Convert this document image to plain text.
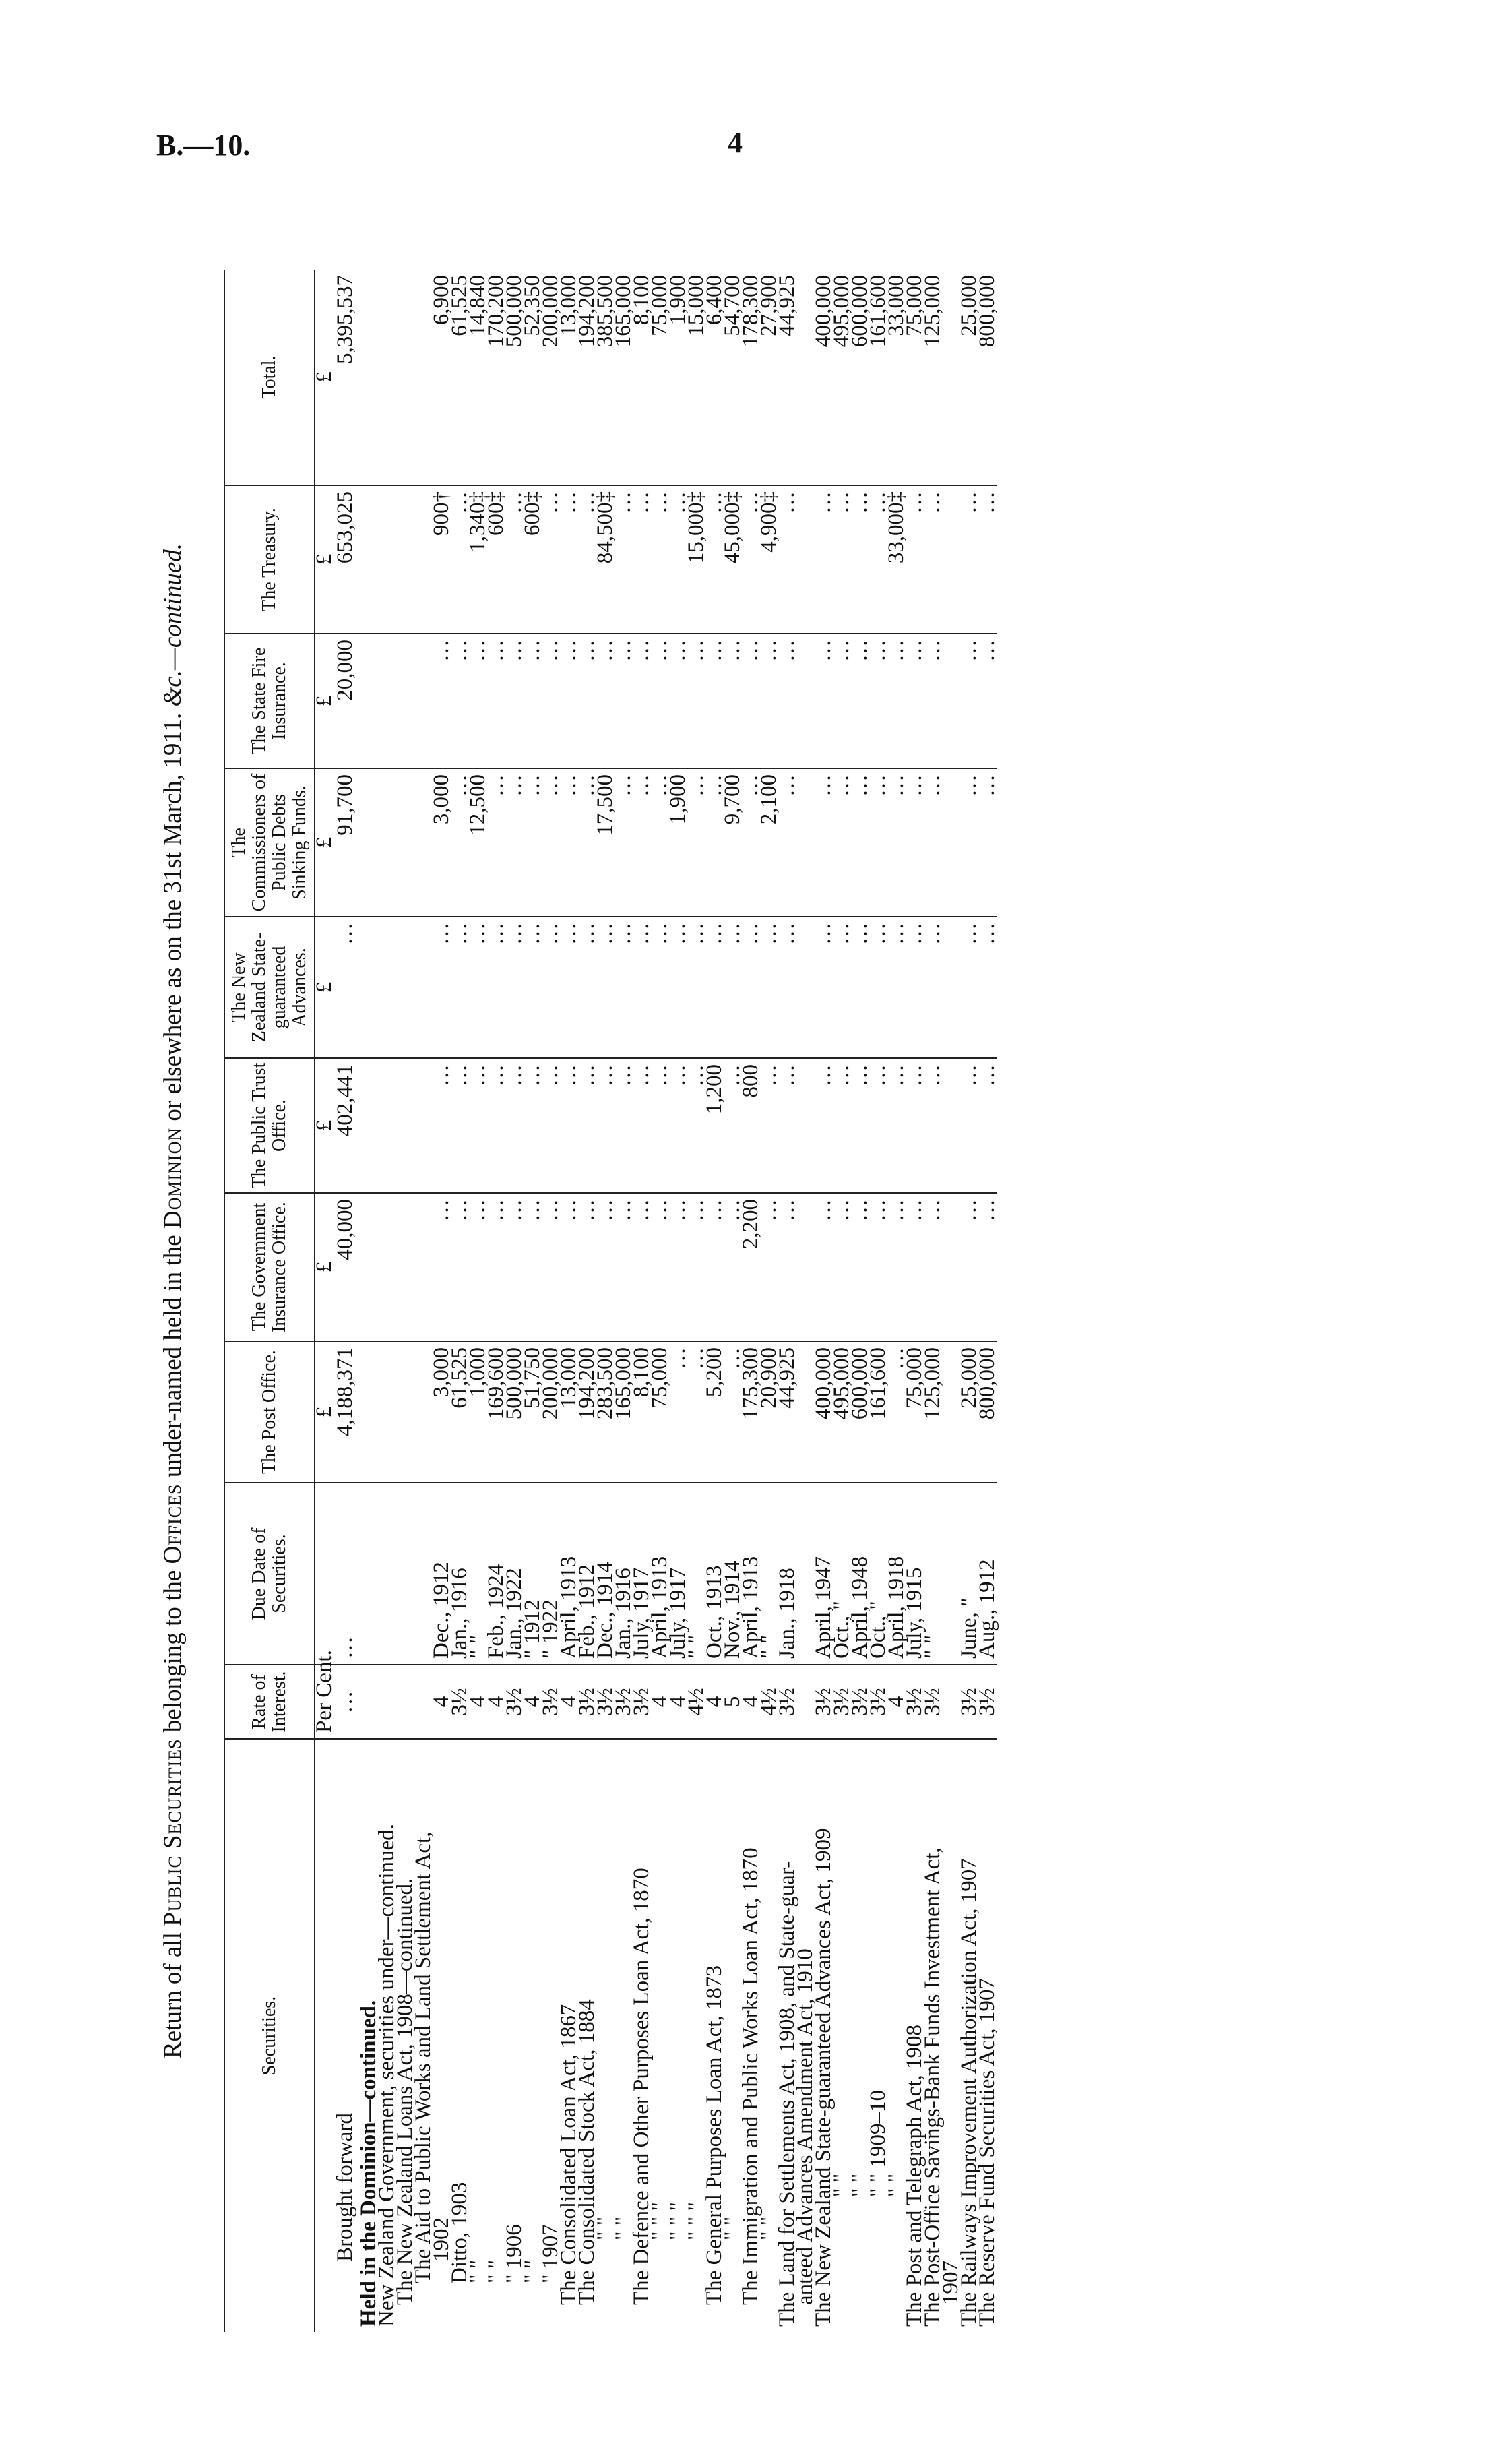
B.—10.	4
Return of all Public Securities belonging to the Offices under-named held in the Dominion or elsewhere as on the 31st March, 1911. &c.—continued.
Securities.	Rate of Interest.	Due Date of Securities.	The Post Office.	The Government Insurance Office.	The Public Trust Office.	The New Zealand State-guaranteed Advances.	The Commissioners of Public Debts Sinking Funds.	The State Fire Insurance.	The Treasury.	Total.
	Per Cent.		£	£	£	£	£	£	£	£
Brought forward	…	…	4,188,371	40,000	402,441	…	91,700	20,000	653,025	5,395,537
Held in the Dominion—continued.										
New Zealand Government, securities under—continued.										
The New Zealand Loans Act, 1908—continued.										
The Aid to Public Works and Land Settlement Act,										
1902	4	Dec., 1912	3,000	…	…	…	3,000	…	900†	6,900
Ditto, 1903	3½	Jan., 1916	61,525	…	…	…	…	…	…	61,525
" "	4	" "	1,000	…	…	…	12,500	…	1,340‡	14,840
" "	4	Feb., 1924	169,600	…	…	…	…	…	600‡	170,200
" 1906	3½	Jan., 1922	500,000	…	…	…	…	…	…	500,000
" "	4	" 1912	51,750	…	…	…	…	…	600‡	52,350
" 1907	3½	" 1922	200,000	…	…	…	…	…	…	200,000
The Consolidated Loan Act, 1867	4	April, 1913	13,000	…	…	…	…	…	…	13,000
The Consolidated Stock Act, 1884	3½	Feb., 1912	194,200	…	…	…	…	…	…	194,200
" "	3½	Dec., 1914	283,500	…	…	…	17,500	…	84,500‡	385,500
" "	3½	Jan., 1916	165,000	…	…	…	…	…	…	165,000
The Defence and Other Purposes Loan Act, 1870	3½	July, 1917	8,100	…	…	…	…	…	…	8,100
" " "	4	April, 1913	75,000	…	…	…	…	…	…	75,000
" " "	4	July, 1917	…	…	…	…	1,900	…	…	1,900
" " "	4½	" "	…	…	…	…	…	…	15,000‡	15,000
The General Purposes Loan Act, 1873	4	Oct., 1913	5,200	…	1,200	…	…	…	…	6,400
" "	5	Nov., 1914	…	…	…	…	9,700	…	45,000‡	54,700
The Immigration and Public Works Loan Act, 1870	4	April, 1913	175,300	2,200	800	…	…	…	…	178,300
" "	4½	" "	20,900	…	…	…	2,100	…	4,900‡	27,900
The Land for Settlements Act, 1908, and State-guar-	3½	Jan., 1918	44,925	…	…	…	…	…	…	44,925
anteed Advances Amendment Act, 1910										
The New Zealand State-guaranteed Advances Act, 1909	3½	April, 1947	400,000	…	…	…	…	…	…	400,000
" "	3½	Oct., "	495,000	…	…	…	…	…	…	495,000
" "	3½	April, 1948	600,000	…	…	…	…	…	…	600,000
" " 1909–10	3½	Oct., "	161,600	…	…	…	…	…	…	161,600
" "	4	April, 1918	…	…	…	…	…	…	33,000‡	33,000
The Post and Telegraph Act, 1908	3½	July, 1915	75,000	…	…	…	…	…	…	75,000
The Post-Office Savings-Bank Funds Investment Act,	3½	" "	125,000	…	…	…	…	…	…	125,000
1907										
The Railways Improvement Authorization Act, 1907	3½	June, "	25,000	…	…	…	…	…	…	25,000
The Reserve Fund Securities Act, 1907	3½	Aug., 1912	800,000	…	…	…	…	…	…	800,000
